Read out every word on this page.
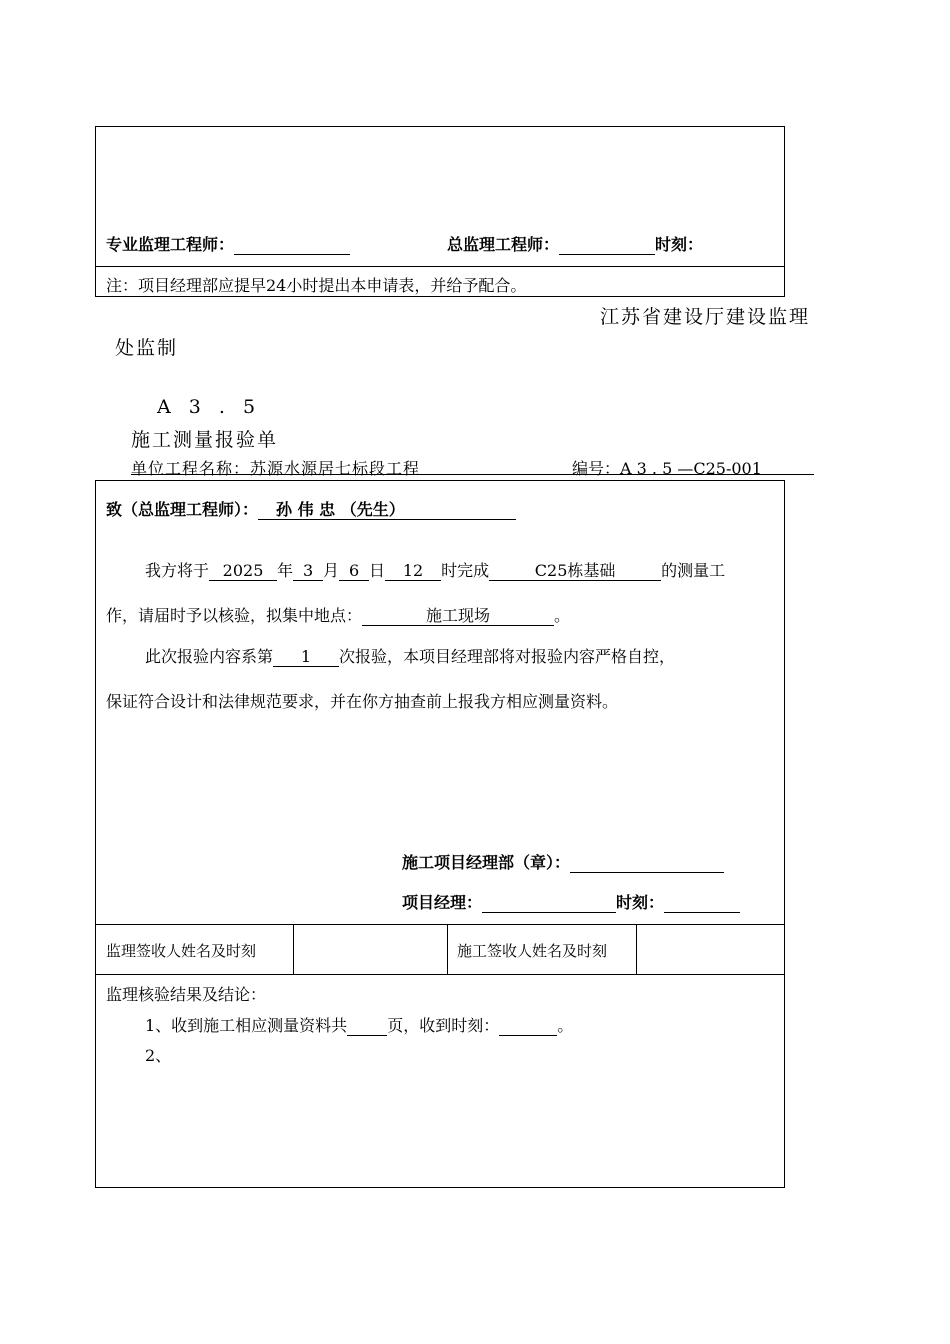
专业监理工程师：	总监理工程师：	时刻：
注：项目经理部应提早24小时提出本申请表，并给予配合。
江苏省建设厅建设监理
处监制
A 3 . 5
施工测量报验单
单位工程名称：苏源水源居七标段工程	编号：A 3 . 5 —C25-001
致（总监理工程师）： 孙 伟 忠 （先生）
我方将于 2025 年 3 月 6 日 12 时完成	C25栋基础	的测量工
作，请届时予以核验，拟集中地点：	施工现场	。
此次报验内容系第 1 次报验，本项目经理部将对报验内容严格自控，
保证符合设计和法律规范要求，并在你方抽查前上报我方相应测量资料。
施工项目经理部（章）：
项目经理：	时刻：
监理签收人姓名及时刻	施工签收人姓名及时刻
监理核验结果及结论：
1、收到施工相应测量资料共	页，收到时刻：	。
2、
